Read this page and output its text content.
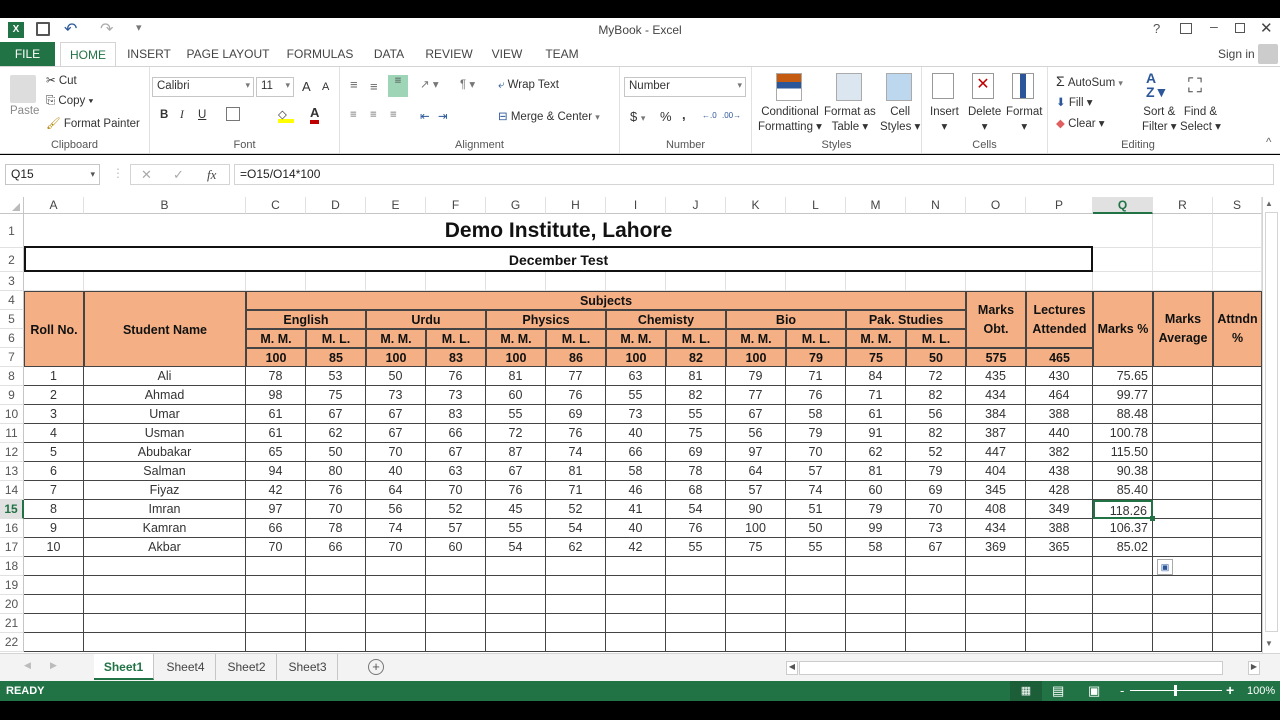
X	↶ ↷ ▾	MyBook - Excel	?	–	✕
FILE	HOME	INSERT PAGE LAYOUT FORMULAS	DATA	REVIEW	VIEW	TEAM	Sign in
Paste
✂ Cut
⎘ Copy ▾
🖌 Format Painter
Clipboard
Calibri	▾ 11 ▾ A A
B I U	◇	A
Font
≡ ≡	≡	↗ ▾ ¶ ▾
≡ ≡ ≡ ⇤ ⇥
⤶ Wrap Text
⊟ Merge & Center ▾
Alignment
Number	▾
$ ▾ % , ←.0 .00→
Number
Conditional
Formatting ▾
Format as
Table ▾
Cell
Styles ▾
Styles
Insert
▾
✕
Delete
▾
Format
▾
Cells
Σ AutoSum ▾
⬇ Fill ▾
◆ Clear ▾
A
Z▼
Sort &
Filter ▾
⛶
Find &
Select ▾
Editing	^
Q15	▾ ⋮ ✕ ✓ fx	=O15/O14*100
A	B	C	D	E	F	G	H	I	J	K	L	M	N	O	P	Q	R	S
1
2
3
4
5
6
7
8
9
10
11
12
13
14
15
16
17
18
19
20
21
22
Demo Institute, Lahore
December Test
Roll No.	Student Name
Subjects
English
M. M.	M. L.
Urdu
M. M.	M. L.
Physics
M. M.	M. L.
Chemisty
M. M.	M. L.
Bio
M. M.	M. L.
Pak. Studies
M. M.	M. L.
Marks Obt.
Lectures Attended Marks %
Marks Average
Attndn %
100	85	100	83	100	86	100	82	100	79	75	50	575	465
1	Ali	78	53	50	76	81	77	63	81	79	71	84	72	435	430	75.65
2	Ahmad	98	75	73	73	60	76	55	82	77	76	71	82	434	464	99.77
3	Umar	61	67	67	83	55	69	73	55	67	58	61	56	384	388	88.48
4	Usman	61	62	67	66	72	76	40	75	56	79	91	82	387	440	100.78
5	Abubakar	65	50	70	67	87	74	66	69	97	70	62	52	447	382	115.50
6	Salman	94	80	40	63	67	81	58	78	64	57	81	79	404	438	90.38
7	Fiyaz	42	76	64	70	76	71	46	68	57	74	60	69	345	428	85.40
8	Imran	97	70	56	52	45	52	41	54	90	51	79	70	408	349	118.26
9	Kamran	66	78	74	57	55	54	40	76	100	50	99	73	434	388	106.37
10	Akbar	70	66	70	60	54	62	42	55	75	55	58	67	369	365	85.02
▣
▲
▼
◀ ▶	Sheet1	Sheet4	Sheet2	Sheet3	+	◀	▶
READY	▦	▤ ▣ -	+ 100%
